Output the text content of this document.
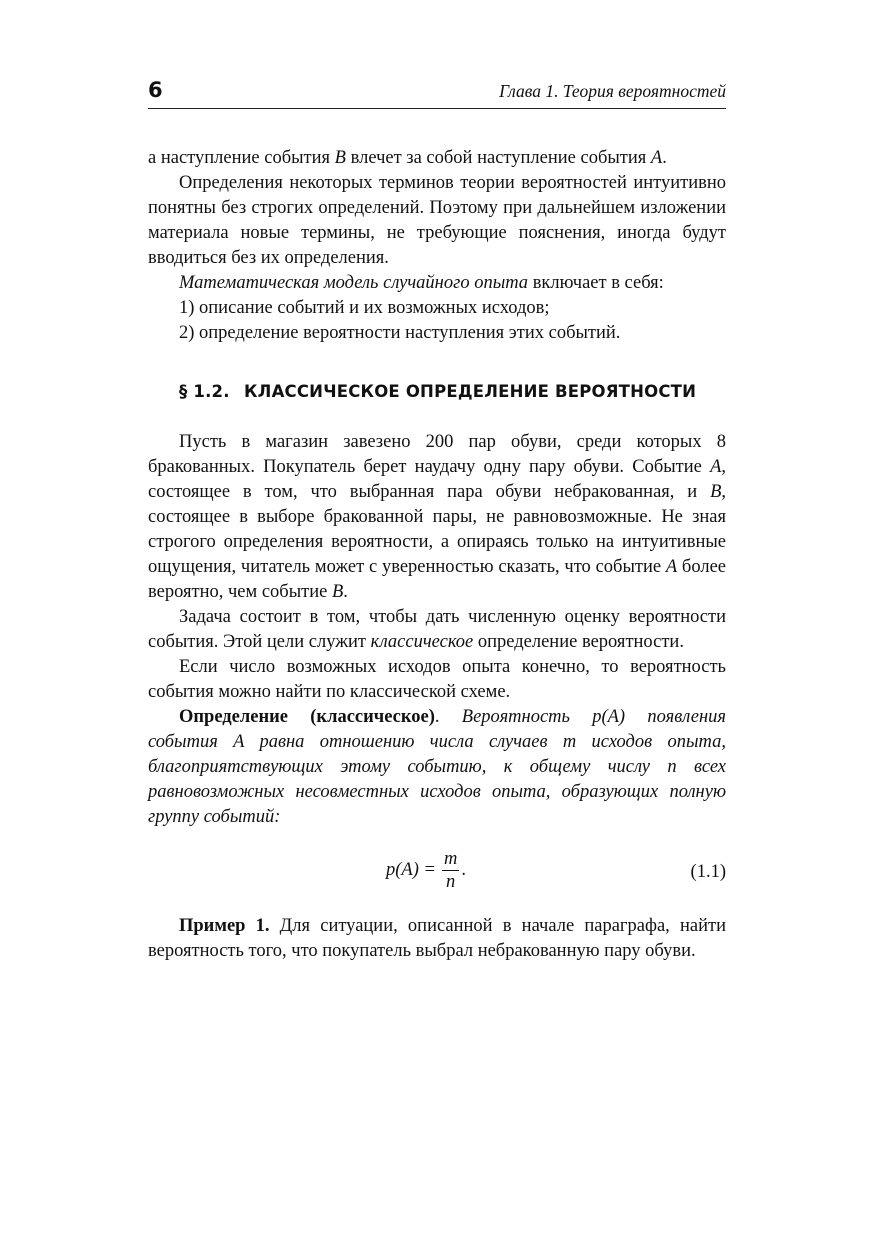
6	Глава 1. Теория вероятностей

а наступление события B влечет за собой наступление события A.

Определения некоторых терминов теории вероятностей интуитивно понятны без строгих определений. Поэтому при дальнейшем изложении материала новые термины, не требующие пояснения, иногда будут вводиться без их определения.

Математическая модель случайного опыта включает в себя:

1) описание событий и их возможных исходов;

2) определение вероятности наступления этих событий.

§ 1.2. КЛАССИЧЕСКОЕ ОПРЕДЕЛЕНИЕ ВЕРОЯТНОСТИ

Пусть в магазин завезено 200 пар обуви, среди которых 8 бракованных. Покупатель берет наудачу одну пару обуви. Событие A, состоящее в том, что выбранная пара обуви небракованная, и B, состоящее в выборе бракованной пары, не равновозможные. Не зная строгого определения вероятности, а опираясь только на интуитивные ощущения, читатель может с уверенностью сказать, что событие A более вероятно, чем событие B.

Задача состоит в том, чтобы дать численную оценку вероятности события. Этой цели служит классическое определение вероятности.

Если число возможных исходов опыта конечно, то вероятность события можно найти по классической схеме.

Определение (классическое). Вероятность p(A) появления события A равна отношению числа случаев m исходов опыта, благоприятствующих этому событию, к общему числу n всех равновозможных несовместных исходов опыта, образующих полную группу событий:

$p(A) = \frac{m}{n}$ .	(1.1)

Пример 1. Для ситуации, описанной в начале параграфа, найти вероятность того, что покупатель выбрал небракованную пару обуви.
